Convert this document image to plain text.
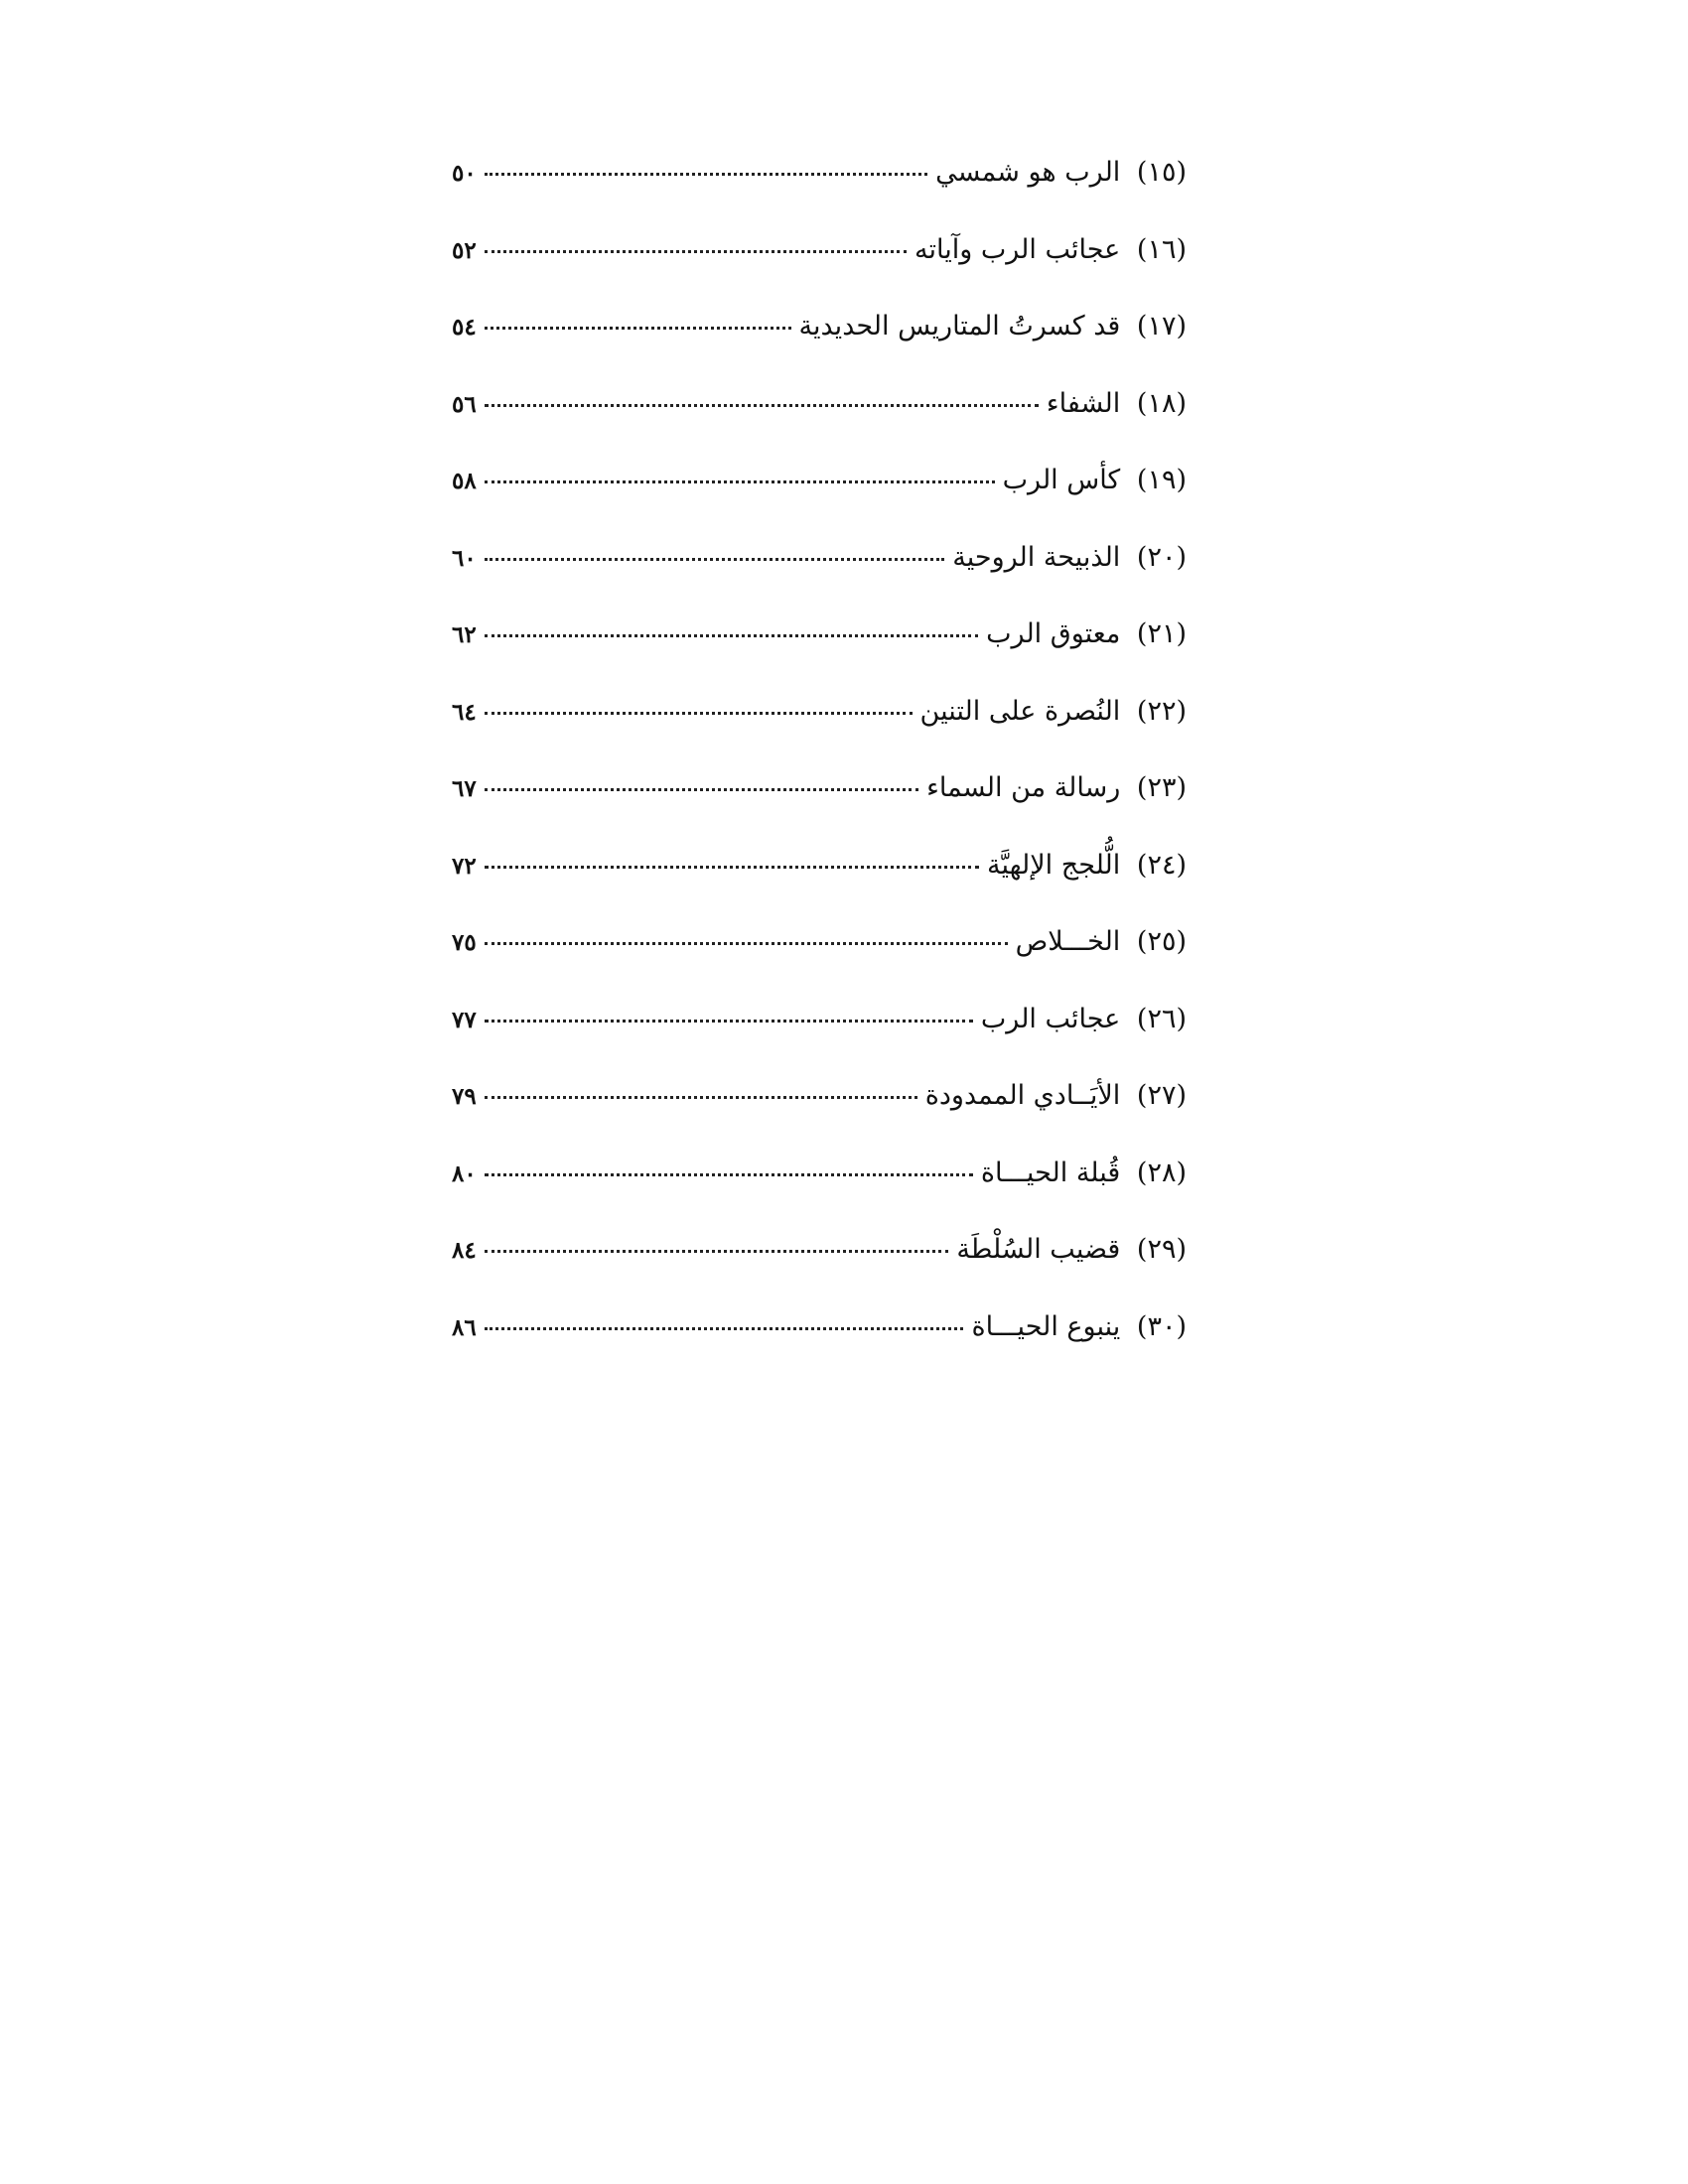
(١٥) الرب هو شمسي
٥٠
(١٦) عجائب الرب وآياته
٥٢
(١٧) قد كسرتُ المتاريس الحديدية
٥٤
(١٨) الشفاء
٥٦
(١٩) كأس الرب
٥٨
(٢٠) الذبيحة الروحية
٦٠
(٢١) معتوق الرب
٦٢
(٢٢) النُصرة على التنين
٦٤
(٢٣) رسالة من السماء
٦٧
(٢٤) الُّلجج الإلهيَّة
٧٢
(٢٥) الخـــلاص
٧٥
(٢٦) عجائب الرب
٧٧
(٢٧) الأيَــادي الممدودة
٧٩
(٢٨) قُبلة الحيـــاة
٨٠
(٢٩) قضيب السُلْطَة
٨٤
(٣٠) ينبوع الحيـــاة
٨٦
